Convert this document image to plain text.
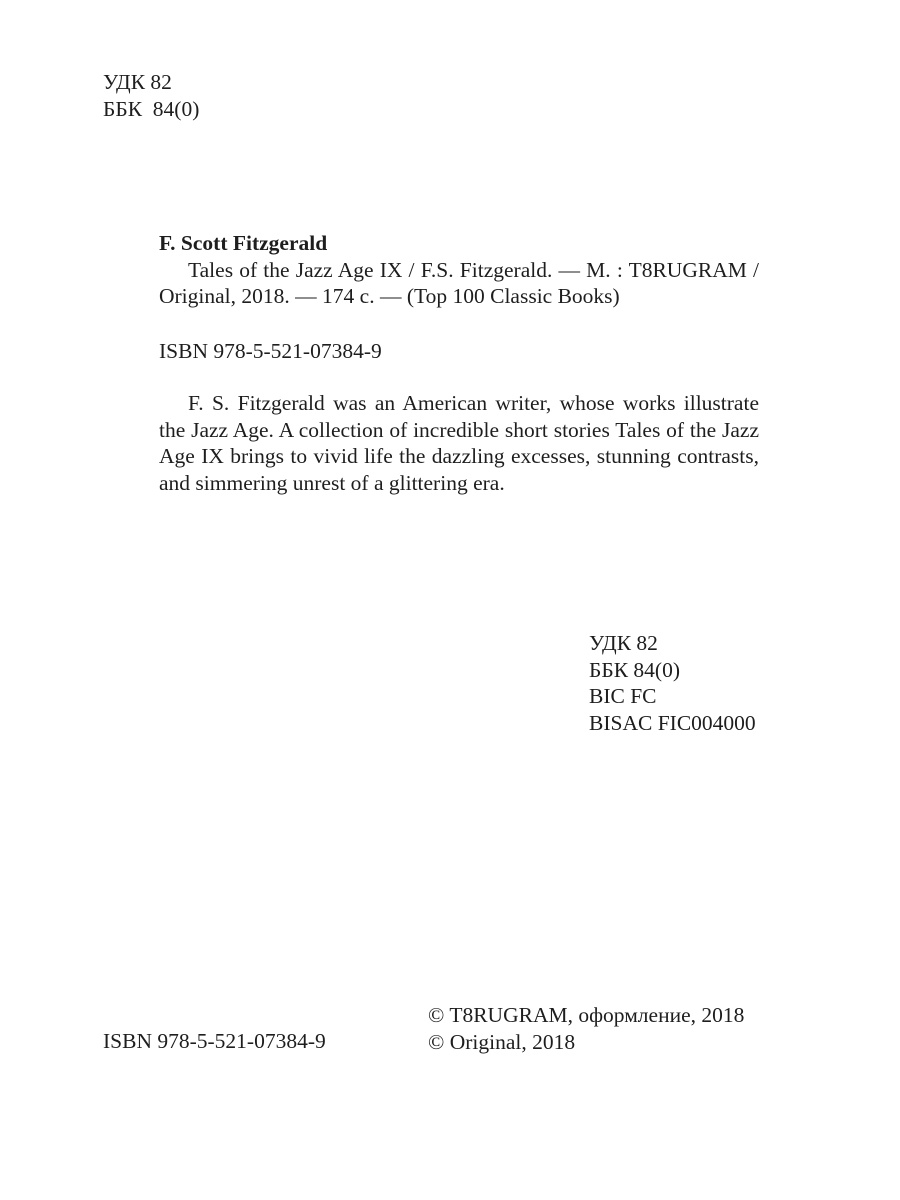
УДК 82
ББК  84(0)
F. Scott Fitzgerald
Tales of the Jazz Age IX / F.S. Fitzgerald. — M. : T8RUGRAM / Original, 2018. — 174 c. — (Top 100 Classic Books)
ISBN 978-5-521-07384-9
F. S. Fitzgerald was an American writer, whose works illustrate the Jazz Age. A collection of incredible short stories Tales of the Jazz Age IX brings to vivid life the dazzling excesses, stunning contrasts, and simmering unrest of a glittering era.
УДК 82
ББК 84(0)
BIC FC
BISAC FIC004000
ISBN 978-5-521-07384-9
© T8RUGRAM, оформление, 2018
© Original, 2018
